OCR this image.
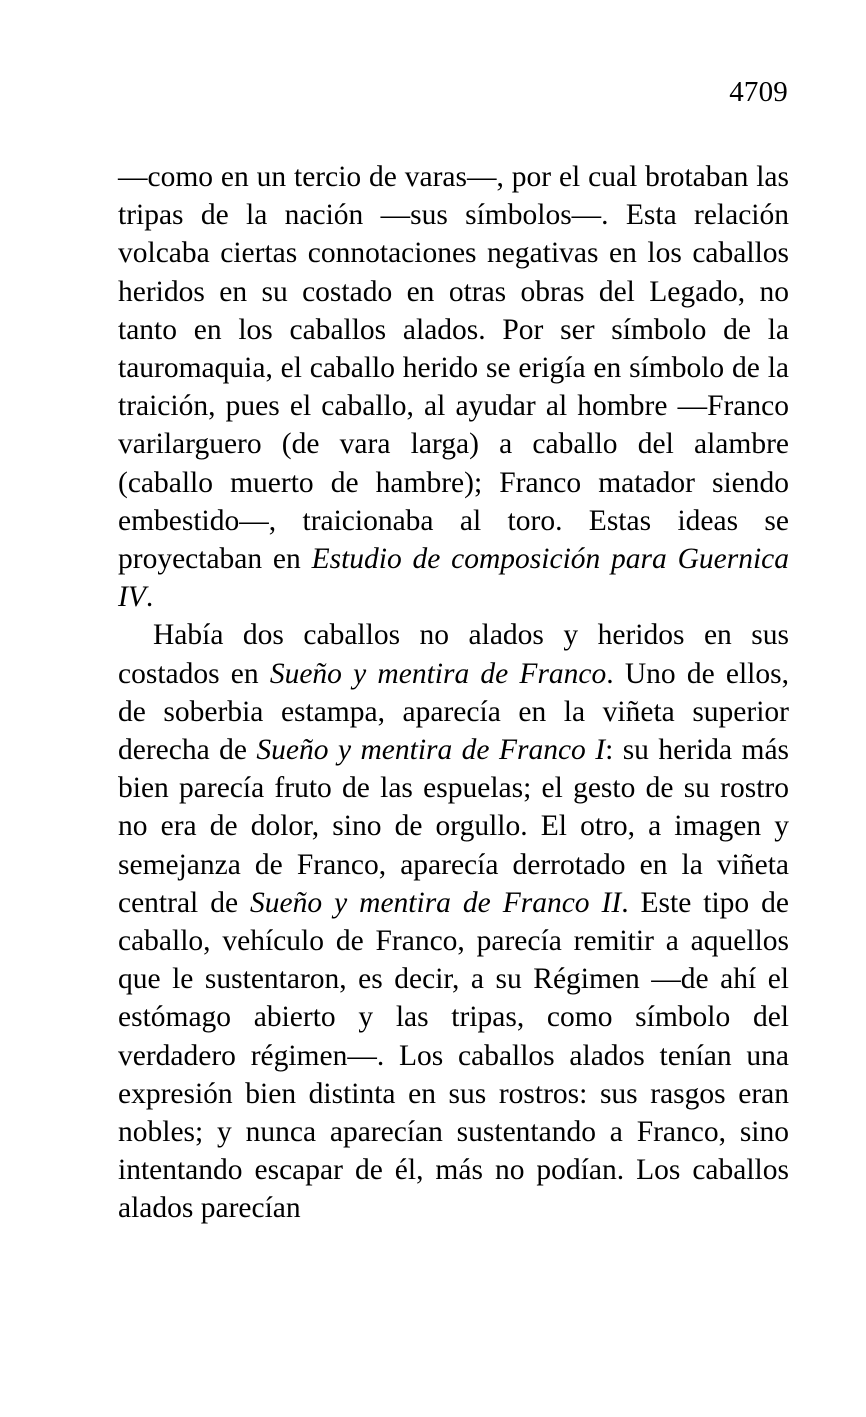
4709

—como en un tercio de varas—, por el cual brotaban las tripas de la nación —sus símbolos—. Esta relación volcaba ciertas connotaciones negativas en los caballos heridos en su costado en otras obras del Legado, no tanto en los caballos alados. Por ser símbolo de la tauromaquia, el caballo herido se erigía en símbolo de la traición, pues el caballo, al ayudar al hombre —Franco varilarguero (de vara larga) a caballo del alambre (caballo muerto de hambre); Franco matador siendo embestido—, traicionaba al toro. Estas ideas se proyectaban en Estudio de composición para Guernica IV.

Había dos caballos no alados y heridos en sus costados en Sueño y mentira de Franco. Uno de ellos, de soberbia estampa, aparecía en la viñeta superior derecha de Sueño y mentira de Franco I: su herida más bien parecía fruto de las espuelas; el gesto de su rostro no era de dolor, sino de orgullo. El otro, a imagen y semejanza de Franco, aparecía derrotado en la viñeta central de Sueño y mentira de Franco II. Este tipo de caballo, vehículo de Franco, parecía remitir a aquellos que le sustentaron, es decir, a su Régimen —de ahí el estómago abierto y las tripas, como símbolo del verdadero régimen—. Los caballos alados tenían una expresión bien distinta en sus rostros: sus rasgos eran nobles; y nunca aparecían sustentando a Franco, sino intentando escapar de él, más no podían. Los caballos alados parecían
